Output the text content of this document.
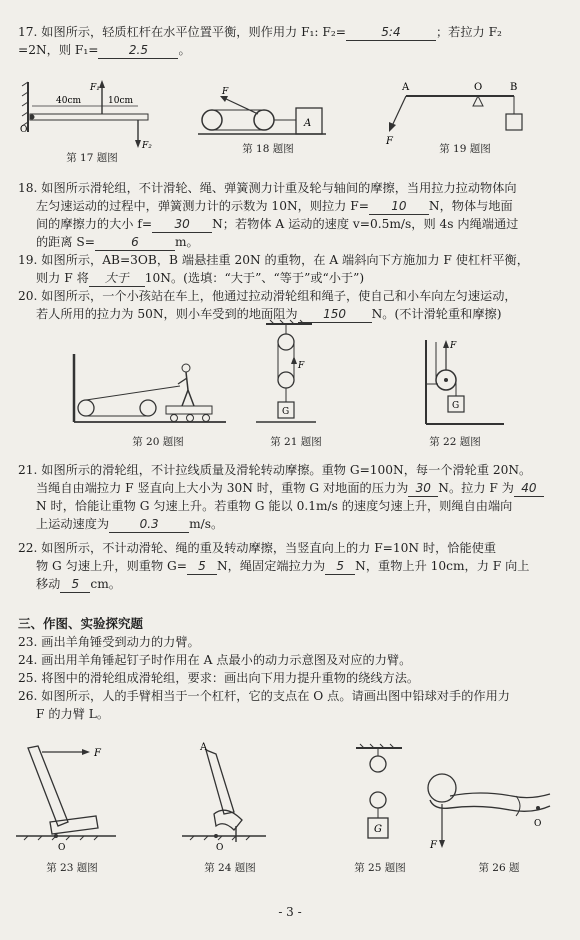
17. 如图所示，轻质杠杆在水平位置平衡，则作用力 F₁: F₂=	5:4	；若拉力 F₂
=2N，则 F₁=	2.5 。
40cm	10cm
F₁
F₂
O
第 17 题图
F
A
第 18 题图
A	O	B
F
第 19 题图
18. 如图所示滑轮组，不计滑轮、绳、弹簧测力计重及轮与轴间的摩擦，当用拉力拉动物体向
左匀速运动的过程中，弹簧测力计的示数为 10N，则拉力 F= 10 N，物体与地面
间的摩擦力的大小 f= 30 N；若物体 A 运动的速度 v=0.5m/s，则 4s 内绳端通过
的距离 S=	6	m。
19. 如图所示，AB=3OB，B 端悬挂重 20N 的重物，在 A 端斜向下方施加力 F 使杠杆平衡，
则力 F 将 大于 10N。(选填：“大于”、“等于”或“小于”)
20. 如图所示，一个小孩站在车上，他通过拉动滑轮组和绳子，使自己和小车向左匀速运动，
若人所用的拉力为 50N，则小车受到的地面阻为 150 N。(不计滑轮重和摩擦)
第 20 题图
F
G
第 21 题图
F
G
第 22 题图
21. 如图所示的滑轮组，不计拉线质量及滑轮转动摩擦。重物 G=100N，每一个滑轮重 20N。
当绳自由端拉力 F 竖直向上大小为 30N 时，重物 G 对地面的压力为 30 N。拉力 F 为 40
N 时，恰能让重物 G 匀速上升。若重物 G 能以 0.1m/s 的速度匀速上升，则绳自由端向
上运动速度为	0.3 m/s。
22. 如图所示，不计动滑轮、绳的重及转动摩擦，当竖直向上的力 F=10N 时，恰能使重
物 G 匀速上升，则重物 G= 5 N，绳固定端拉力为 5 N，重物上升 10cm，力 F 向上
移动 5 cm。
三、作图、实验探究题
23. 画出羊角锤受到动力的力臂。
24. 画出用羊角锤起钉子时作用在 A 点最小的动力示意图及对应的力臂。
25. 将图中的滑轮组成滑轮组，要求：画出向下用力提升重物的绕线方法。
26. 如图所示，人的手臂相当于一个杠杆，它的支点在 O 点。请画出图中铅球对手的作用力
F 的力臂 L。
F
O
第 23 题图
A
O
第 24 题图
G
第 25 题图
F
O
第 26 题
- 3 -
